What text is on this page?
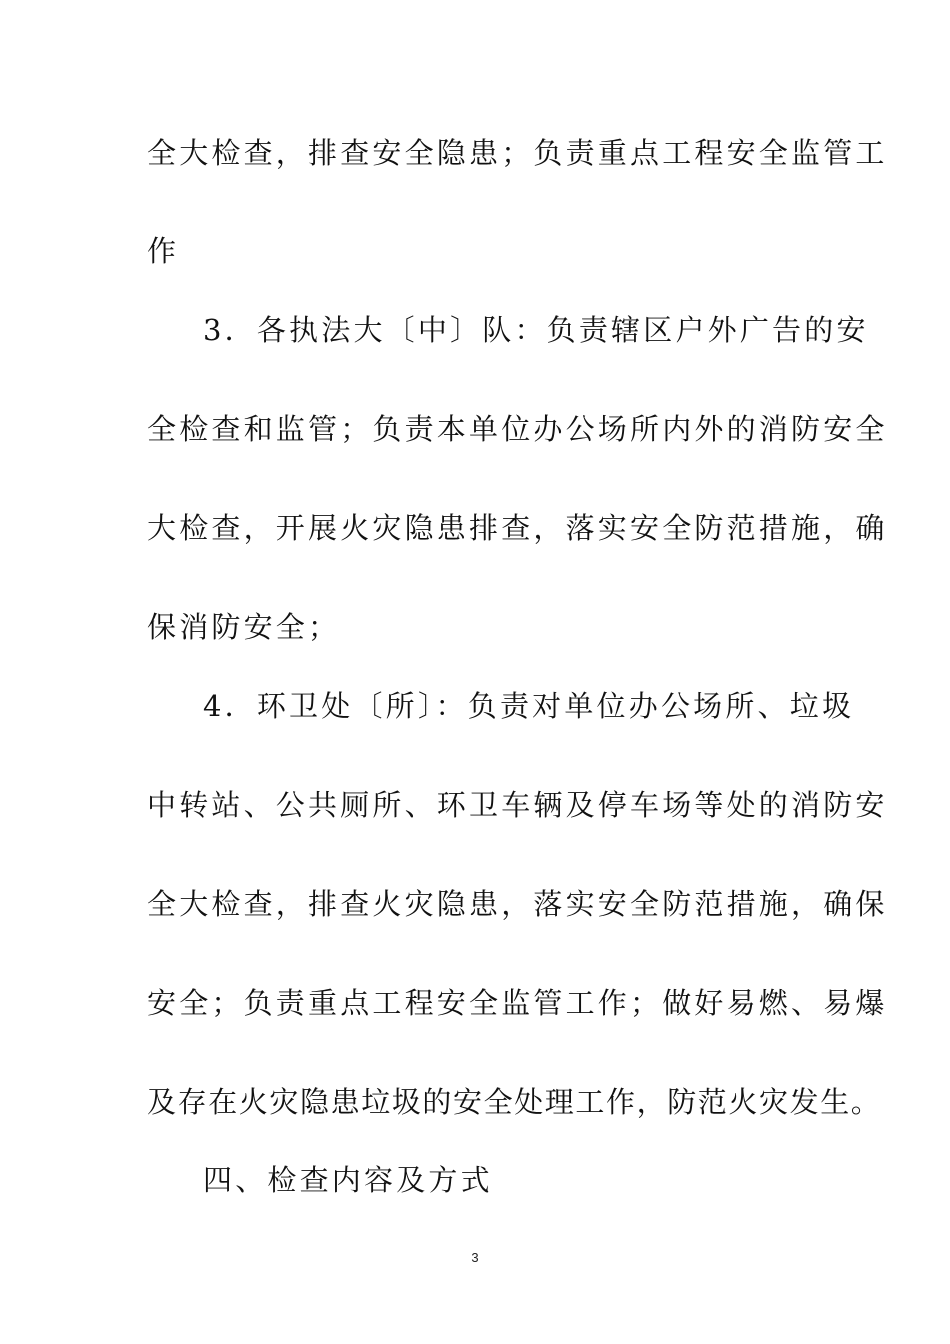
全大检查，排查安全隐患；负责重点工程安全监管工
作
3．各执法大〔中〕队：负责辖区户外广告的安
全检查和监管；负责本单位办公场所内外的消防安全
大检查，开展火灾隐患排查，落实安全防范措施，确
保消防安全；
4．环卫处〔所〕：负责对单位办公场所、垃圾
中转站、公共厕所、环卫车辆及停车场等处的消防安
全大检查，排查火灾隐患，落实安全防范措施，确保
安全；负责重点工程安全监管工作；做好易燃、易爆
及存在火灾隐患垃圾的安全处理工作，防范火灾发生。
四、检查内容及方式
3
